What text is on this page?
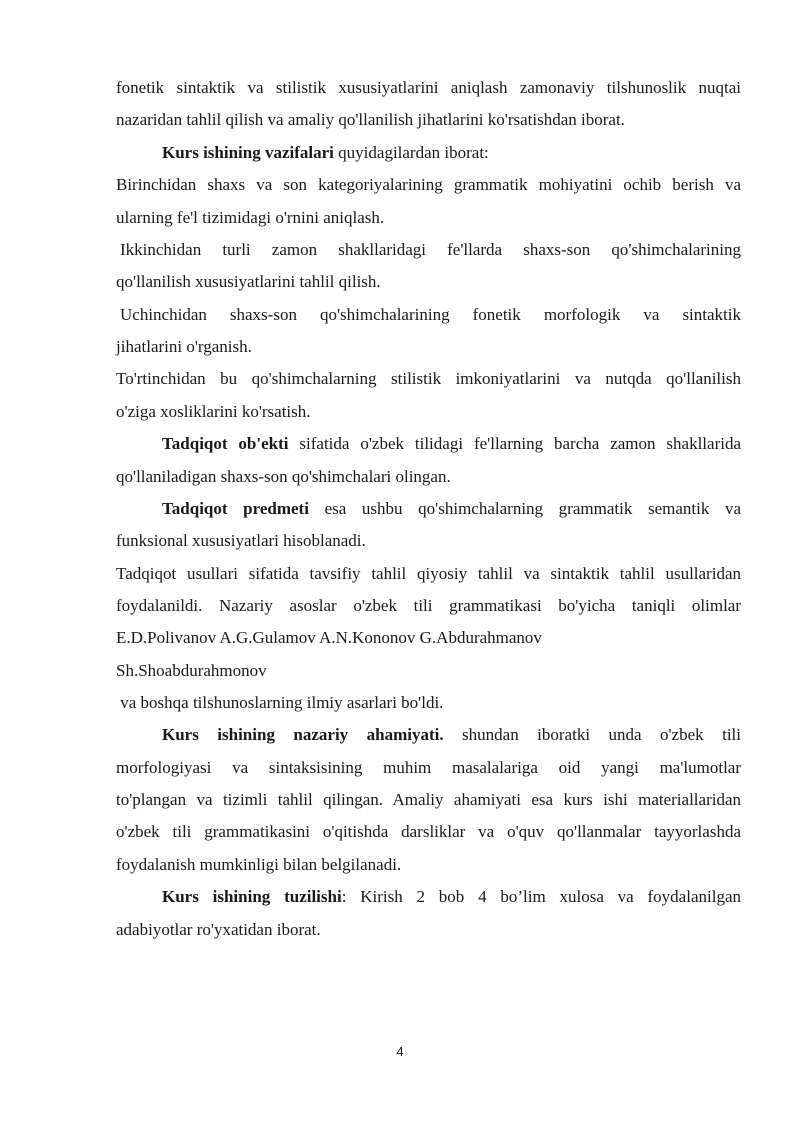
fonetik sintaktik va stilistik xususiyatlarini aniqlash zamonaviy tilshunoslik nuqtai

nazaridan tahlil qilish va amaliy qo'llanilish jihatlarini ko'rsatishdan iborat.

Kurs ishining vazifalari quyidagilardan iborat:

Birinchidan shaxs va son kategoriyalarining grammatik mohiyatini ochib berish va

ularning fe'l tizimidagi o'rnini aniqlash.

Ikkinchidan turli zamon shakllaridagi fe'llarda shaxs-son qo'shimchalarining

qo'llanilish xususiyatlarini tahlil qilish.

Uchinchidan shaxs-son qo'shimchalarining fonetik morfologik va sintaktik

jihatlarini o'rganish.

To'rtinchidan bu qo'shimchalarning stilistik imkoniyatlarini va nutqda qo'llanilish

o'ziga xosliklarini ko'rsatish.

Tadqiqot ob'ekti sifatida o'zbek tilidagi fe'llarning barcha zamon shakllarida

qo'llaniladigan shaxs-son qo'shimchalari olingan.

Tadqiqot predmeti esa ushbu qo'shimchalarning grammatik semantik va

funksional xususiyatlari hisoblanadi.

Tadqiqot usullari sifatida tavsifiy tahlil qiyosiy tahlil va sintaktik tahlil usullaridan

foydalanildi. Nazariy asoslar o'zbek tili grammatikasi bo'yicha taniqli olimlar

E.D.Polivanov A.G.Gulamov A.N.Kononov G.Abdurahmanov

Sh.Shoabdurahmonov

va boshqa tilshunoslarning ilmiy asarlari bo'ldi.

Kurs ishining nazariy ahamiyati. shundan iboratki unda o'zbek tili

morfologiyasi va sintaksisining muhim masalalariga oid yangi ma'lumotlar

to'plangan va tizimli tahlil qilingan. Amaliy ahamiyati esa kurs ishi materiallaridan

o'zbek tili grammatikasini o'qitishda darsliklar va o'quv qo'llanmalar tayyorlashda

foydalanish mumkinligi bilan belgilanadi.

Kurs ishining tuzilishi: Kirish 2 bob 4 bo’lim xulosa va foydalanilgan

adabiyotlar ro'yxatidan iborat.

4
